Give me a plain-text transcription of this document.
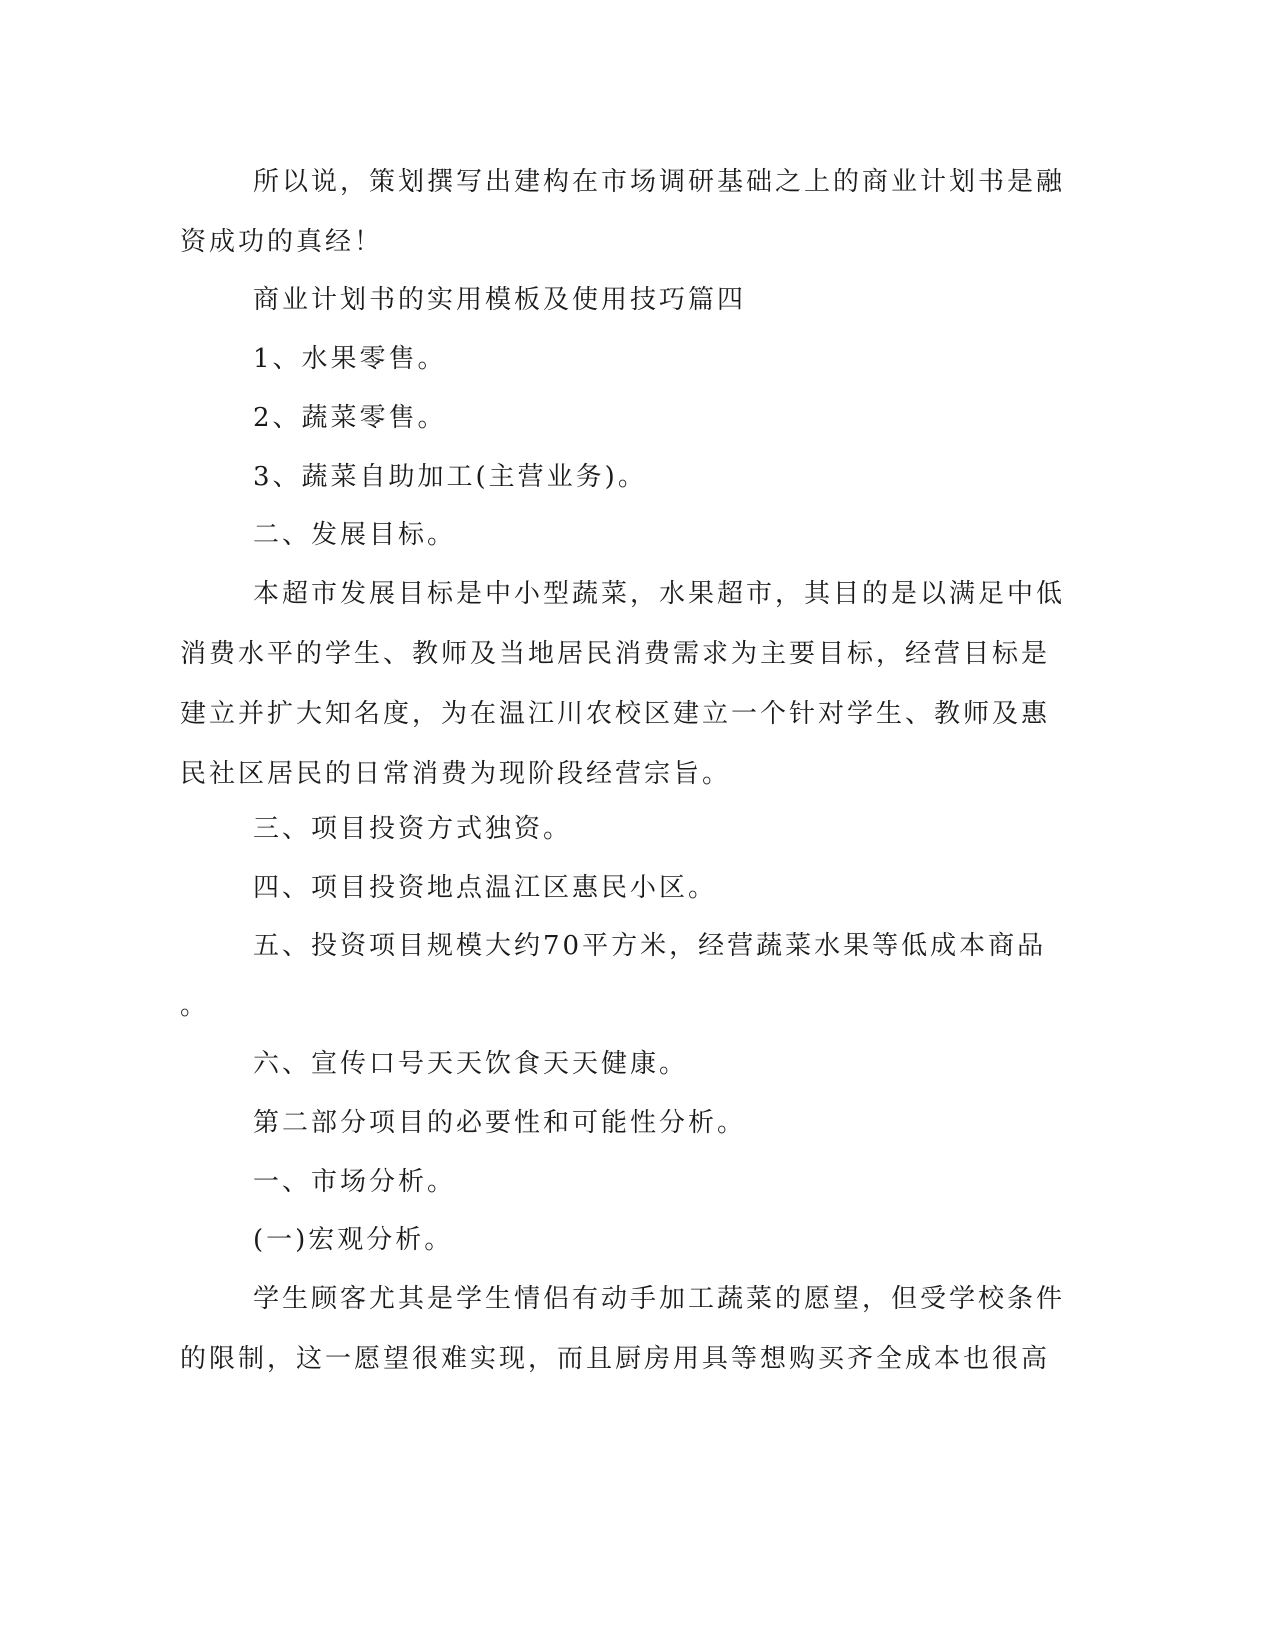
所以说，策划撰写出建构在市场调研基础之上的商业计划书是融
资成功的真经！

商业计划书的实用模板及使用技巧篇四

1、水果零售。

2、蔬菜零售。

3、蔬菜自助加工(主营业务)。

二、发展目标。

本超市发展目标是中小型蔬菜，水果超市，其目的是以满足中低
消费水平的学生、教师及当地居民消费需求为主要目标，经营目标是
建立并扩大知名度，为在温江川农校区建立一个针对学生、教师及惠
民社区居民的日常消费为现阶段经营宗旨。

三、项目投资方式独资。

四、项目投资地点温江区惠民小区。

五、投资项目规模大约70平方米，经营蔬菜水果等低成本商品
。

六、宣传口号天天饮食天天健康。

第二部分项目的必要性和可能性分析。

一、市场分析。

(一)宏观分析。

学生顾客尤其是学生情侣有动手加工蔬菜的愿望，但受学校条件
的限制，这一愿望很难实现，而且厨房用具等想购买齐全成本也很高
